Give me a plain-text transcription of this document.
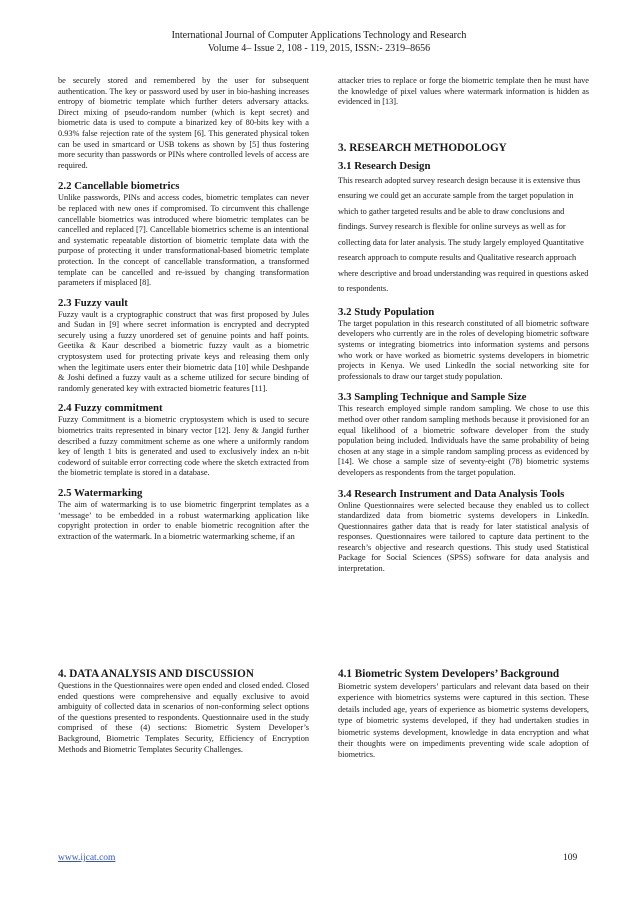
International Journal of Computer Applications Technology and Research
Volume 4– Issue 2, 108 - 119, 2015, ISSN:- 2319–8656

be securely stored and remembered by the user for subsequent authentication. The key or password used by user in bio-hashing increases entropy of biometric template which further deters adversary attacks. Direct mixing of pseudo-random number (which is kept secret) and biometric data is used to compute a binarized key of 80-bits key with a 0.93% false rejection rate of the system [6]. This generated physical token can be used in smartcard or USB tokens as shown by [5] thus fostering more security than passwords or PINs where controlled levels of access are required.

2.2 Cancellable biometrics

Unlike passwords, PINs and access codes, biometric templates can never be replaced with new ones if compromised. To circumvent this challenge cancellable biometrics was introduced where biometric templates can be cancelled and replaced [7]. Cancellable biometrics scheme is an intentional and systematic repeatable distortion of biometric template data with the purpose of protecting it under transformational-based biometric template protection. In the concept of cancellable transformation, a transformed template can be cancelled and re-issued by changing transformation parameters if misplaced [8].

2.3 Fuzzy vault

Fuzzy vault is a cryptographic construct that was first proposed by Jules and Sudan in [9] where secret information is encrypted and decrypted securely using a fuzzy unordered set of genuine points and haff points. Geetika & Kaur described a biometric fuzzy vault as a biometric cryptosystem used for protecting private keys and releasing them only when the legitimate users enter their biometric data [10] while Deshpande & Joshi defined a fuzzy vault as a scheme utilized for secure binding of randomly generated key with extracted biometric features [11].

2.4 Fuzzy commitment

Fuzzy Commitment is a biometric cryptosystem which is used to secure biometrics traits represented in binary vector [12]. Jeny & Jangid further described a fuzzy commitment scheme as one where a uniformly random key of length 1 bits is generated and used to exclusively index an n-bit codeword of suitable error correcting code where the sketch extracted from the biometric template is stored in a database.

2.5 Watermarking

The aim of watermarking is to use biometric fingerprint templates as a ‘message’ to be embedded in a robust watermarking application like copyright protection in order to enable biometric recognition after the extraction of the watermark. In a biometric watermarking scheme, if an

attacker tries to replace or forge the biometric template then he must have the knowledge of pixel values where watermark information is hidden as evidenced in [13].

3. RESEARCH METHODOLOGY
3.1 Research Design

This research adopted survey research design because it is extensive thus ensuring we could get an accurate sample from the target population in which to gather targeted results and be able to draw conclusions and findings. Survey research is flexible for online surveys as well as for collecting data for later analysis. The study largely employed Quantitative research approach to compute results and Qualitative research approach where descriptive and broad understanding was required in questions asked to respondents.

3.2 Study Population

The target population in this research constituted of all biometric software developers who currently are in the roles of developing biometric software systems or integrating biometrics into information systems and persons who work or have worked as biometric systems developers in biometric projects in Kenya. We used LinkedIn the social networking site for professionals to draw our target study population.

3.3 Sampling Technique and Sample Size

This research employed simple random sampling. We chose to use this method over other random sampling methods because it provisioned for an equal likelihood of a biometric software developer from the study population being included. Individuals have the same probability of being chosen at any stage in a simple random sampling process as evidenced by [14]. We chose a sample size of seventy-eight (78) biometric systems developers as respondents from the target population.

3.4 Research Instrument and Data Analysis Tools

Online Questionnaires were selected because they enabled us to collect standardized data from biometric systems developers in LinkedIn. Questionnaires gather data that is ready for later statistical analysis of responses. Questionnaires were tailored to capture data pertinent to the research’s objective and research questions. This study used Statistical Package for Social Sciences (SPSS) software for data analysis and interpretation.

4. DATA ANALYSIS AND DISCUSSION

Questions in the Questionnaires were open ended and closed ended. Closed ended questions were comprehensive and equally exclusive to avoid ambiguity of collected data in scenarios of non-conforming select options of the questions presented to respondents. Questionnaire used in the study comprised of these (4) sections: Biometric System Developer’s Background, Biometric Templates Security, Efficiency of Encryption Methods and Biometric Templates Security Challenges.

4.1 Biometric System Developers’ Background

Biometric system developers’ particulars and relevant data based on their experience with biometrics systems were captured in this section. These details included age, years of experience as biometric systems developers, type of biometric systems developed, if they had undertaken studies in biometric systems development, knowledge in data encryption and what their thoughts were on impediments preventing wide scale adoption of biometrics.

www.ijcat.com	109
